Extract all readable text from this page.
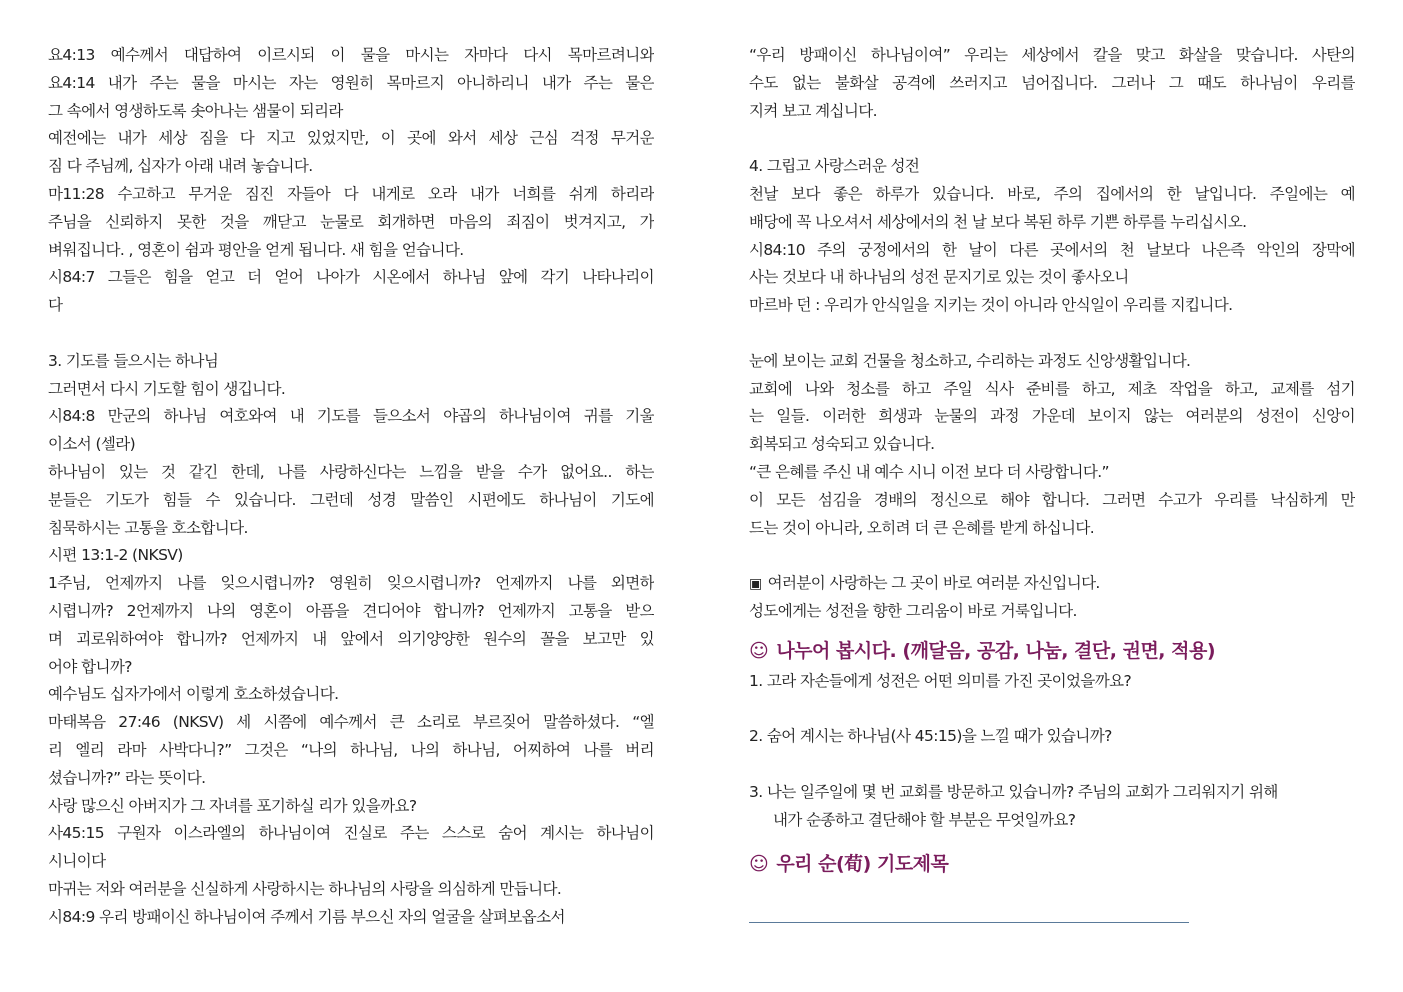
요4:13 예수께서 대답하여 이르시되 이 물을 마시는 자마다 다시 목마르려니와
요4:14 내가 주는 물을 마시는 자는 영원히 목마르지 아니하리니 내가 주는 물은
그 속에서 영생하도록 솟아나는 샘물이 되리라
예전에는 내가 세상 짐을 다 지고 있었지만, 이 곳에 와서 세상 근심 걱정 무거운
짐 다 주님께, 십자가 아래 내려 놓습니다.
마11:28 수고하고 무거운 짐진 자들아 다 내게로 오라 내가 너희를 쉬게 하리라
주님을 신뢰하지 못한 것을 깨닫고 눈물로 회개하면 마음의 죄짐이 벗겨지고, 가
벼워집니다. , 영혼이 쉼과 평안을 얻게 됩니다. 새 힘을 얻습니다.
시84:7 그들은 힘을 얻고 더 얻어 나아가 시온에서 하나님 앞에 각기 나타나리이
다
3. 기도를 들으시는 하나님
그러면서 다시 기도할 힘이 생깁니다.
시84:8 만군의 하나님 여호와여 내 기도를 들으소서 야곱의 하나님이여 귀를 기울
이소서 (셀라)
하나님이 있는 것 같긴 한데, 나를 사랑하신다는 느낌을 받을 수가 없어요.. 하는
분들은 기도가 힘들 수 있습니다. 그런데 성경 말씀인 시편에도 하나님이 기도에
침묵하시는 고통을 호소합니다.
시편 13:1-2 (NKSV)
1주님, 언제까지 나를 잊으시렵니까? 영원히 잊으시렵니까? 언제까지 나를 외면하
시렵니까? 2언제까지 나의 영혼이 아픔을 견디어야 합니까? 언제까지 고통을 받으
며 괴로워하여야 합니까? 언제까지 내 앞에서 의기양양한 원수의 꼴을 보고만 있
어야 합니까?
예수님도 십자가에서 이렇게 호소하셨습니다.
마태복음 27:46 (NKSV) 세 시쯤에 예수께서 큰 소리로 부르짖어 말씀하셨다. “엘
리 엘리 라마 사박다니?” 그것은 “나의 하나님, 나의 하나님, 어찌하여 나를 버리
셨습니까?” 라는 뜻이다.
사랑 많으신 아버지가 그 자녀를 포기하실 리가 있을까요?
사45:15 구원자 이스라엘의 하나님이여 진실로 주는 스스로 숨어 계시는 하나님이
시니이다
마귀는 저와 여러분을 신실하게 사랑하시는 하나님의 사랑을 의심하게 만듭니다.
시84:9 우리 방패이신 하나님이여 주께서 기름 부으신 자의 얼굴을 살펴보옵소서
“우리 방패이신 하나님이여” 우리는 세상에서 칼을 맞고 화살을 맞습니다. 사탄의
수도 없는 불화살 공격에 쓰러지고 넘어집니다. 그러나 그 때도 하나님이 우리를
지켜 보고 계십니다.
4. 그립고 사랑스러운 성전
천날 보다 좋은 하루가 있습니다. 바로, 주의 집에서의 한 날입니다. 주일에는 예
배당에 꼭 나오셔서 세상에서의 천 날 보다 복된 하루 기쁜 하루를 누리십시오.
시84:10 주의 궁정에서의 한 날이 다른 곳에서의 천 날보다 나은즉 악인의 장막에
사는 것보다 내 하나님의 성전 문지기로 있는 것이 좋사오니
마르바 던 : 우리가 안식일을 지키는 것이 아니라 안식일이 우리를 지킵니다.
눈에 보이는 교회 건물을 청소하고, 수리하는 과정도 신앙생활입니다.
교회에 나와 청소를 하고 주일 식사 준비를 하고, 제초 작업을 하고, 교제를 섬기
는 일들. 이러한 희생과 눈물의 과정 가운데 보이지 않는 여러분의 성전이 신앙이
회복되고 성숙되고 있습니다.
“큰 은혜를 주신 내 예수 시니 이전 보다 더 사랑합니다.”
이 모든 섬김을 경배의 정신으로 해야 합니다. 그러면 수고가 우리를 낙심하게 만
드는 것이 아니라, 오히려 더 큰 은혜를 받게 하십니다.
▣ 여러분이 사랑하는 그 곳이 바로 여러분 자신입니다.
성도에게는 성전을 향한 그리움이 바로 거룩입니다.
☺ 나누어 봅시다. (깨달음, 공감, 나눔, 결단, 권면, 적용)
1. 고라 자손들에게 성전은 어떤 의미를 가진 곳이었을까요?
2. 숨어 계시는 하나님(사 45:15)을 느낄 때가 있습니까?
3. 나는 일주일에 몇 번 교회를 방문하고 있습니까? 주님의 교회가 그리워지기 위해
내가 순종하고 결단해야 할 부분은 무엇일까요?
☺ 우리 순(荀) 기도제목
